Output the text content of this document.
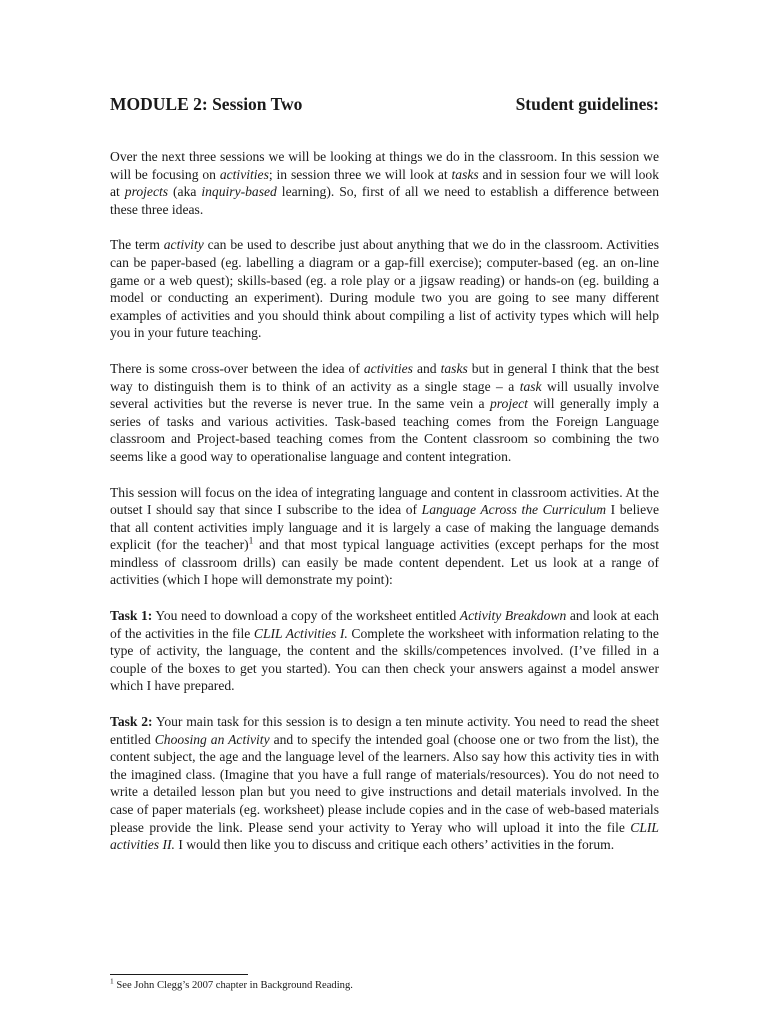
MODULE 2: Session Two	Student guidelines:

Over the next three sessions we will be looking at things we do in the classroom. In this session we will be focusing on activities; in session three we will look at tasks and in session four we will look at projects (aka inquiry-based learning). So, first of all we need to establish a difference between these three ideas.

The term activity can be used to describe just about anything that we do in the classroom. Activities can be paper-based (eg. labelling a diagram or a gap-fill exercise); computer-based (eg. an on-line game or a web quest); skills-based (eg. a role play or a jigsaw reading) or hands-on (eg. building a model or conducting an experiment). During module two you are going to see many different examples of activities and you should think about compiling a list of activity types which will help you in your future teaching.

There is some cross-over between the idea of activities and tasks but in general I think that the best way to distinguish them is to think of an activity as a single stage – a task will usually involve several activities but the reverse is never true. In the same vein a project will generally imply a series of tasks and various activities. Task-based teaching comes from the Foreign Language classroom and Project-based teaching comes from the Content classroom so combining the two seems like a good way to operationalise language and content integration.

This session will focus on the idea of integrating language and content in classroom activities. At the outset I should say that since I subscribe to the idea of Language Across the Curriculum I believe that all content activities imply language and it is largely a case of making the language demands explicit (for the teacher)$^1$ and that most typical language activities (except perhaps for the most mindless of classroom drills) can easily be made content dependent. Let us look at a range of activities (which I hope will demonstrate my point):

Task 1: You need to download a copy of the worksheet entitled Activity Breakdown and look at each of the activities in the file CLIL Activities I. Complete the worksheet with information relating to the type of activity, the language, the content and the skills/competences involved. (I’ve filled in a couple of the boxes to get you started). You can then check your answers against a model answer which I have prepared.

Task 2: Your main task for this session is to design a ten minute activity. You need to read the sheet entitled Choosing an Activity and to specify the intended goal (choose one or two from the list), the content subject, the age and the language level of the learners. Also say how this activity ties in with the imagined class. (Imagine that you have a full range of materials/resources). You do not need to write a detailed lesson plan but you need to give instructions and detail materials involved. In the case of paper materials (eg. worksheet) please include copies and in the case of web-based materials please provide the link. Please send your activity to Yeray who will upload it into the file CLIL activities II. I would then like you to discuss and critique each others’ activities in the forum.

$^1$ See John Clegg’s 2007 chapter in Background Reading.
